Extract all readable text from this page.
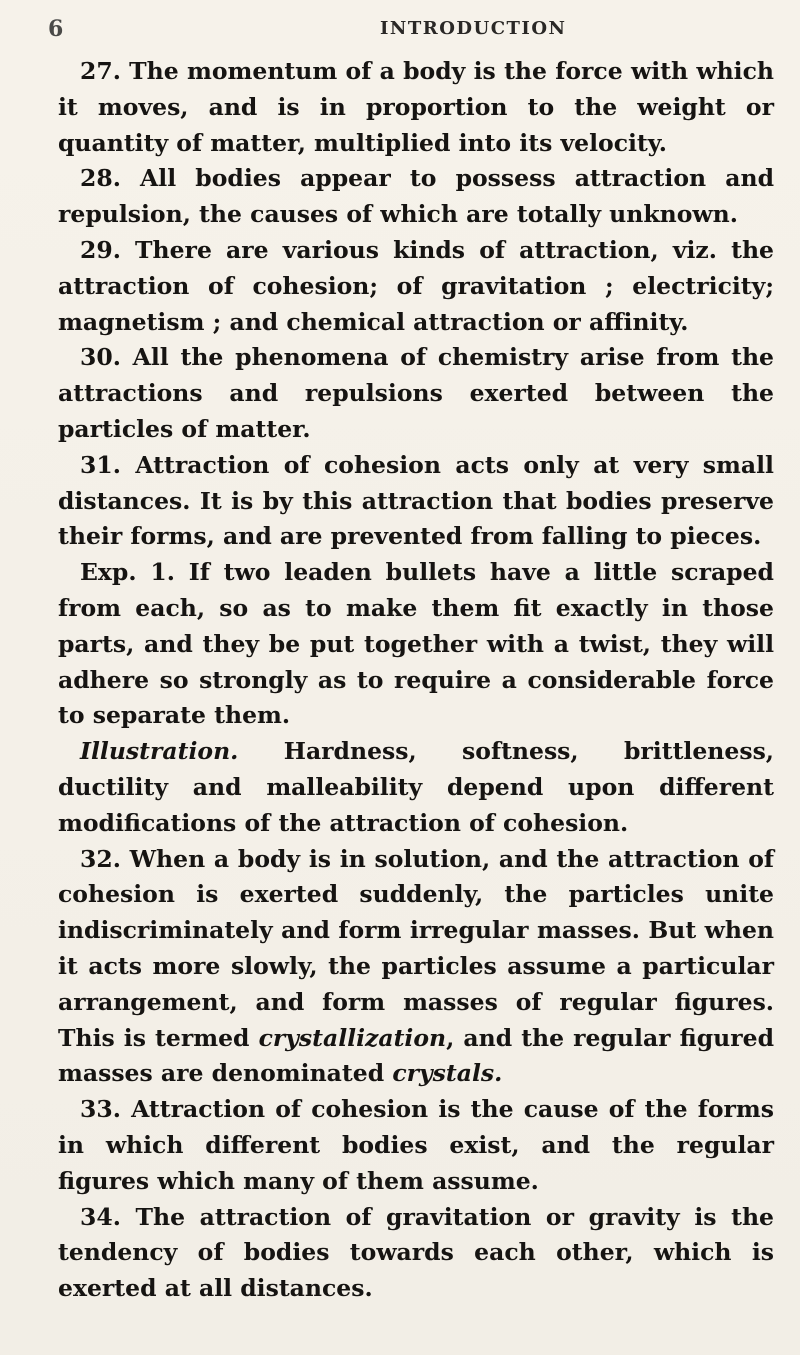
6	INTRODUCTION

27. The momentum of a body is the force with which it moves, and is in proportion to the weight or quantity of matter, multiplied into its velocity.

28. All bodies appear to possess attraction and repulsion, the causes of which are totally unknown.

29. There are various kinds of attraction, viz. the attraction of cohesion; of gravitation ; electricity; magnetism ; and chemical attraction or affinity.

30. All the phenomena of chemistry arise from the attractions and repulsions exerted between the particles of matter.

31. Attraction of cohesion acts only at very small distances. It is by this attraction that bodies preserve their forms, and are prevented from falling to pieces.

Exp. 1. If two leaden bullets have a little scraped from each, so as to make them fit exactly in those parts, and they be put together with a twist, they will adhere so strongly as to require a considerable force to separate them.

Illustration. Hardness, softness, brittleness, ductility and malleability depend upon different modifications of the attraction of cohesion.

32. When a body is in solution, and the attraction of cohesion is exerted suddenly, the particles unite indiscriminately and form irregular masses. But when it acts more slowly, the particles assume a particular arrangement, and form masses of regular figures. This is termed crystallization, and the regular figured masses are denominated crystals.

33. Attraction of cohesion is the cause of the forms in which different bodies exist, and the regular figures which many of them assume.

34. The attraction of gravitation or gravity is the tendency of bodies towards each other, which is exerted at all distances.
